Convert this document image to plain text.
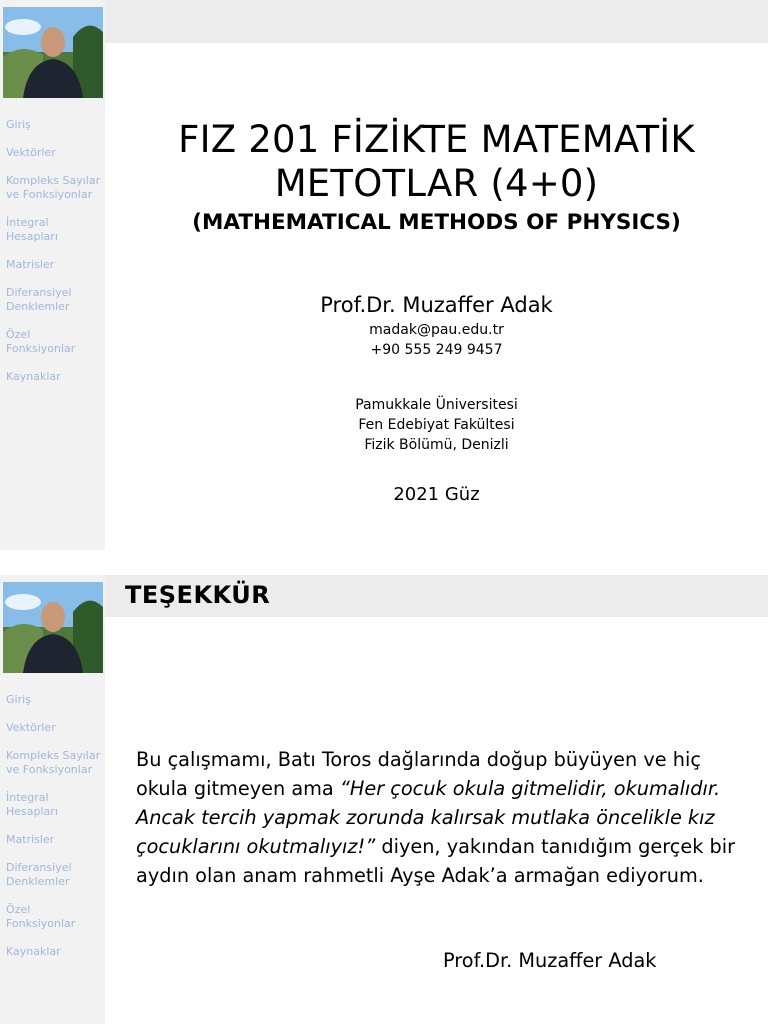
Giriş
Vektörler
Kompleks Sayılar ve Fonksiyonlar
İntegral Hesapları
Matrisler
Diferansiyel Denklemler
Özel Fonksiyonlar
Kaynaklar
FIZ 201 FİZİKTE MATEMATİK
METOTLAR (4+0)
(MATHEMATICAL METHODS OF PHYSICS)
Prof.Dr. Muzaffer Adak
madak@pau.edu.tr
+90 555 249 9457
Pamukkale Üniversitesi
Fen Edebiyat Fakültesi
Fizik Bölümü, Denizli
2021 Güz
Giriş
Vektörler
Kompleks Sayılar ve Fonksiyonlar
İntegral Hesapları
Matrisler
Diferansiyel Denklemler
Özel Fonksiyonlar
Kaynaklar
TEŞEKKÜR
Bu çalışmamı, Batı Toros dağlarında doğup büyüyen ve hiç okula gitmeyen ama “Her çocuk okula gitmelidir, okumalıdır. Ancak tercih yapmak zorunda kalırsak mutlaka öncelikle kız çocuklarını okutmalıyız!” diyen, yakından tanıdığım gerçek bir aydın olan anam rahmetli Ayşe Adak’a armağan ediyorum.
Prof.Dr. Muzaffer Adak
